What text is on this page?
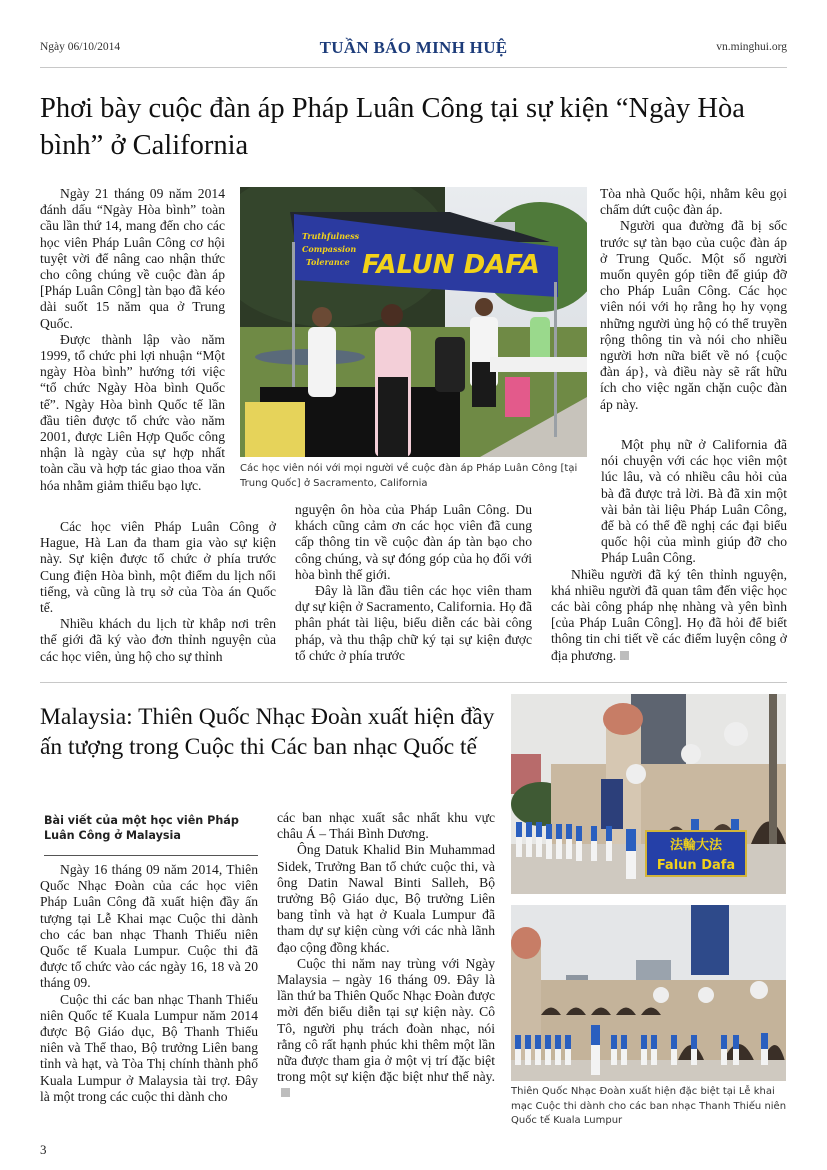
Ngày 06/10/2014	TUẦN BÁO MINH HUỆ	vn.minghui.org
Phơi bày cuộc đàn áp Pháp Luân Công tại sự kiện “Ngày Hòa bình” ở California

Ngày 21 tháng 09 năm 2014 đánh dấu “Ngày Hòa bình” toàn cầu lần thứ 14, mang đến cho các học viên Pháp Luân Công cơ hội tuyệt vời để nâng cao nhận thức cho công chúng về cuộc đàn áp [Pháp Luân Công] tàn bạo đã kéo dài suốt 15 năm qua ở Trung Quốc.

Được thành lập vào năm 1999, tổ chức phi lợi nhuận “Một ngày Hòa bình” hướng tới việc “tổ chức Ngày Hòa bình Quốc tế”. Ngày Hòa bình Quốc tế lần đầu tiên được tổ chức vào năm 2001, được Liên Hợp Quốc công nhận là ngày của sự hợp nhất toàn cầu và hợp tác giao thoa văn hóa nhằm giảm thiểu bạo lực.

Truthfulness
Compassion
Tolerance FALUN DAFA
Các học viên nói với mọi người về cuộc đàn áp Pháp Luân Công [tại Trung Quốc] ở Sacramento, California

Các học viên Pháp Luân Công ở Hague, Hà Lan đa tham gia vào sự kiện này. Sự kiện được tổ chức ở phía trước Cung điện Hòa bình, một điểm du lịch nổi tiếng, và cũng là trụ sở của Tòa án Quốc tế.

Nhiều khách du lịch từ khắp nơi trên thế giới đã ký vào đơn thỉnh nguyện của các học viên, ủng hộ cho sự thỉnh

nguyện ôn hòa của Pháp Luân Công. Du khách cũng cảm ơn các học viên đã cung cấp thông tin về cuộc đàn áp tàn bạo cho công chúng, và sự đóng góp của họ đối với hòa bình thế giới.

Đây là lần đầu tiên các học viên tham dự sự kiện ở Sacramento, California. Họ đã phân phát tài liệu, biểu diễn các bài công pháp, và thu thập chữ ký tại sự kiện được tổ chức ở phía trước

Tòa nhà Quốc hội, nhằm kêu gọi chấm dứt cuộc đàn áp.

Người qua đường đã bị sốc trước sự tàn bạo của cuộc đàn áp ở Trung Quốc. Một số người muốn quyên góp tiền để giúp đỡ cho Pháp Luân Công. Các học viên nói với họ rằng họ hy vọng những người ủng hộ có thể truyền rộng thông tin và nói cho nhiều người hơn nữa biết về nó {cuộc đàn áp}, và điều này sẽ rất hữu ích cho việc ngăn chặn cuộc đàn áp này.

Một phụ nữ ở California đã nói chuyện với các học viên một lúc lâu, và có nhiều câu hỏi của bà đã được trả lời. Bà đã xin một vài bản tài liệu Pháp Luân Công, để bà có thể đề nghị các đại biểu quốc hội của mình giúp đỡ cho Pháp Luân Công.

Nhiều người đã ký tên thỉnh nguyện, khá nhiều người đã quan tâm đến việc học các bài công pháp nhẹ nhàng và yên bình [của Pháp Luân Công]. Họ đã hỏi để biết thông tin chi tiết về các điểm luyện công ở địa phương.

Malaysia: Thiên Quốc Nhạc Đoàn xuất hiện đầy ấn tượng trong Cuộc thi Các ban nhạc Quốc tế
Bài viết của một học viên Pháp Luân Công ở Malaysia

Ngày 16 tháng 09 năm 2014, Thiên Quốc Nhạc Đoàn của các học viên Pháp Luân Công đã xuất hiện đầy ấn tượng tại Lễ Khai mạc Cuộc thi dành cho các ban nhạc Thanh Thiếu niên Quốc tế Kuala Lumpur. Cuộc thi đã được tổ chức vào các ngày 16, 18 và 20 tháng 09.

Cuộc thi các ban nhạc Thanh Thiếu niên Quốc tế Kuala Lumpur năm 2014 được Bộ Giáo dục, Bộ Thanh Thiếu niên và Thể thao, Bộ trưởng Liên bang tỉnh và hạt, và Tòa Thị chính thành phố Kuala Lumpur ở Malaysia tài trợ. Đây là một trong các cuộc thi dành cho

các ban nhạc xuất sắc nhất khu vực châu Á – Thái Bình Dương.

Ông Datuk Khalid Bin Muhammad Sidek, Trưởng Ban tổ chức cuộc thi, và ông Datin Nawal Binti Salleh, Bộ trưởng Bộ Giáo dục, Bộ trưởng Liên bang tỉnh và hạt ở Kuala Lumpur đã tham dự sự kiện cùng với các nhà lãnh đạo cộng đồng khác.

Cuộc thi năm nay trùng với Ngày Malaysia – ngày 16 tháng 09. Đây là lần thứ ba Thiên Quốc Nhạc Đoàn được mời đến biểu diễn tại sự kiện này. Cô Tô, người phụ trách đoàn nhạc, nói rằng cô rất hạnh phúc khi thêm một lần nữa được tham gia ở một vị trí đặc biệt trong một sự kiện đặc biệt như thế này.

法輪大法
Falun Dafa
Thiên Quốc Nhạc Đoàn xuất hiện đặc biệt tại Lễ khai mạc Cuộc thi dành cho các ban nhạc Thanh Thiếu niên Quốc tế Kuala Lumpur
3
